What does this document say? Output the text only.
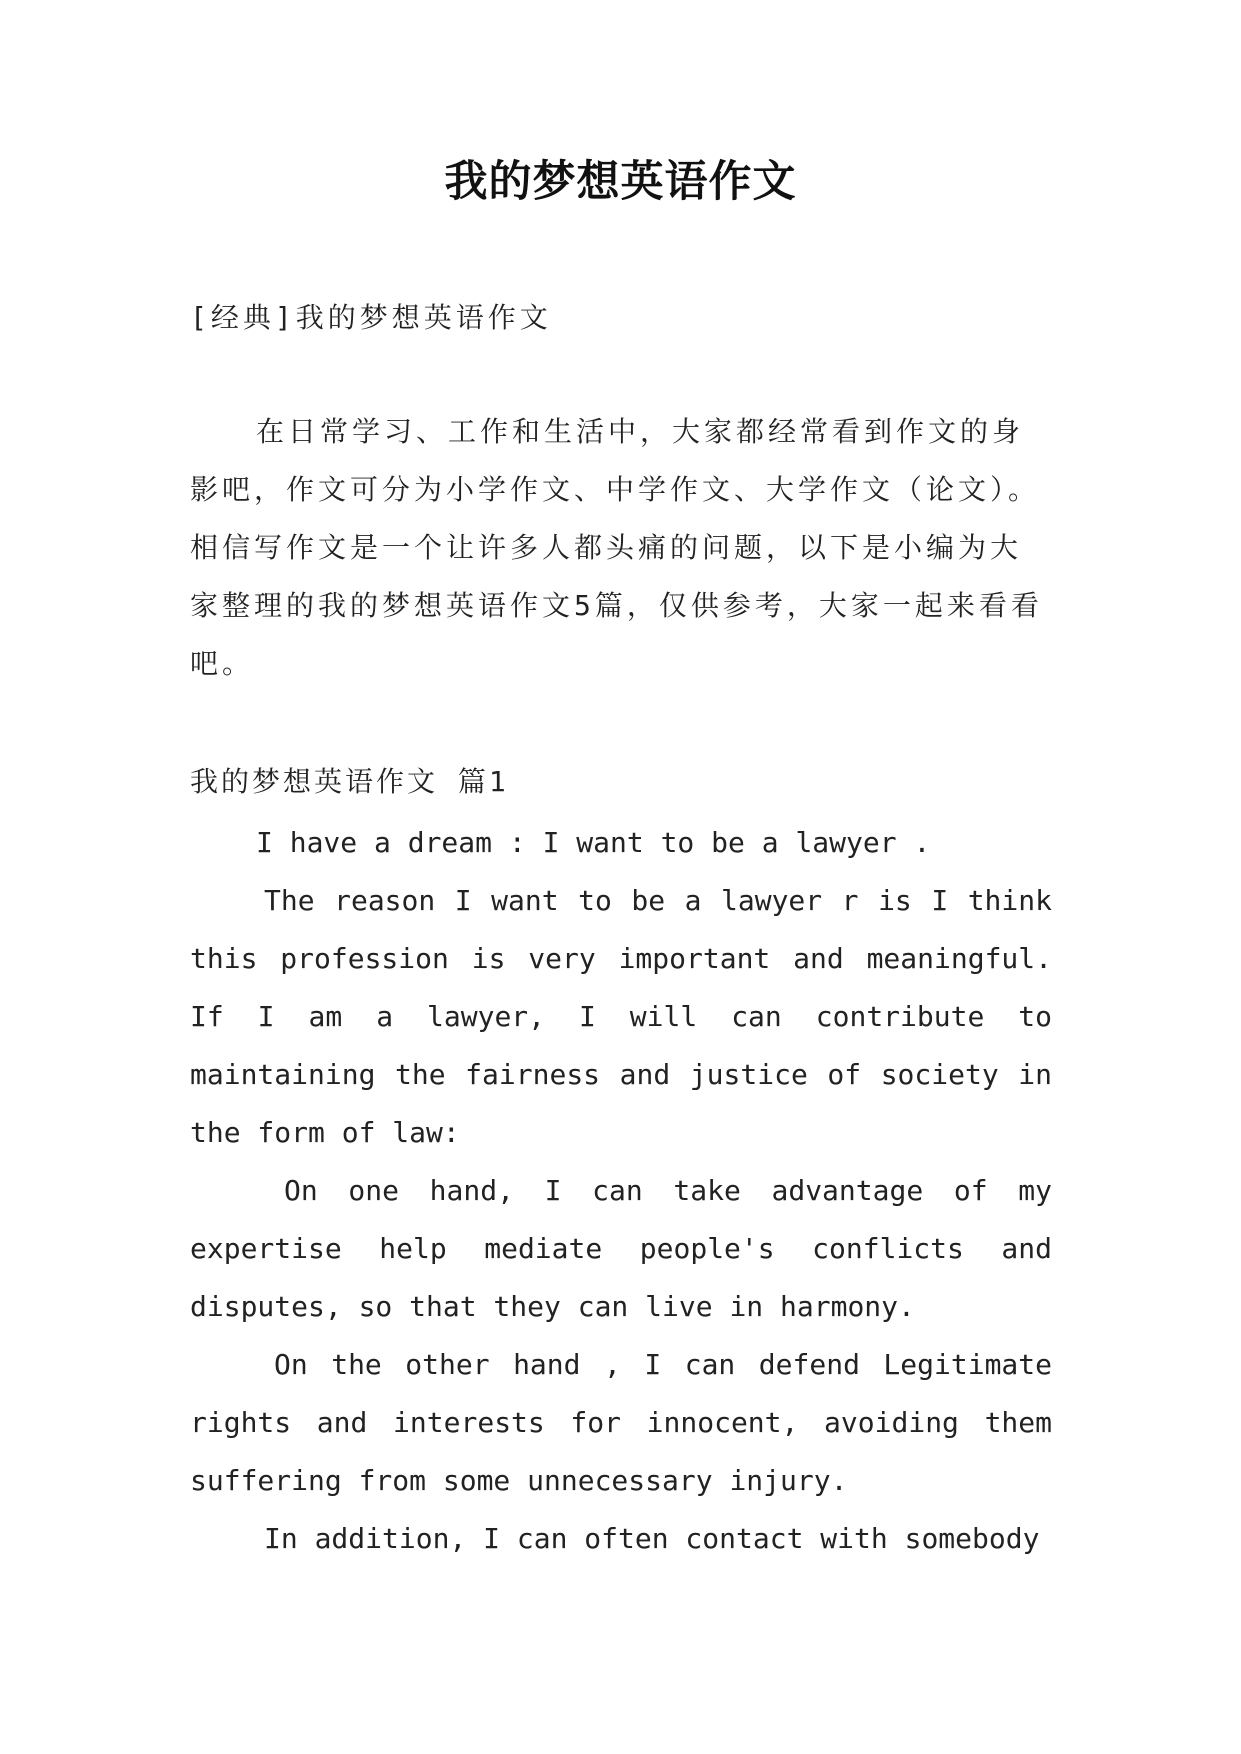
我的梦想英语作文
[经典]我的梦想英语作文
在日常学习、工作和生活中，大家都经常看到作文的身影吧，作文可分为小学作文、中学作文、大学作文（论文）。相信写作文是一个让许多人都头痛的问题，以下是小编为大家整理的我的梦想英语作文5篇，仅供参考，大家一起来看看吧。
我的梦想英语作文 篇1
I have a dream : I want to be a lawyer .
The reason I want to be a lawyer r is I think this profession is very important and meaningful. If I am a lawyer, I will can contribute to maintaining the fairness and justice of society in the form of law:
On one hand, I can take advantage of my expertise help mediate people's conflicts and disputes, so that they can live in harmony.
On the other hand , I can defend Legitimate rights and interests for innocent, avoiding them suffering from some unnecessary injury.
In addition, I can often contact with somebody
